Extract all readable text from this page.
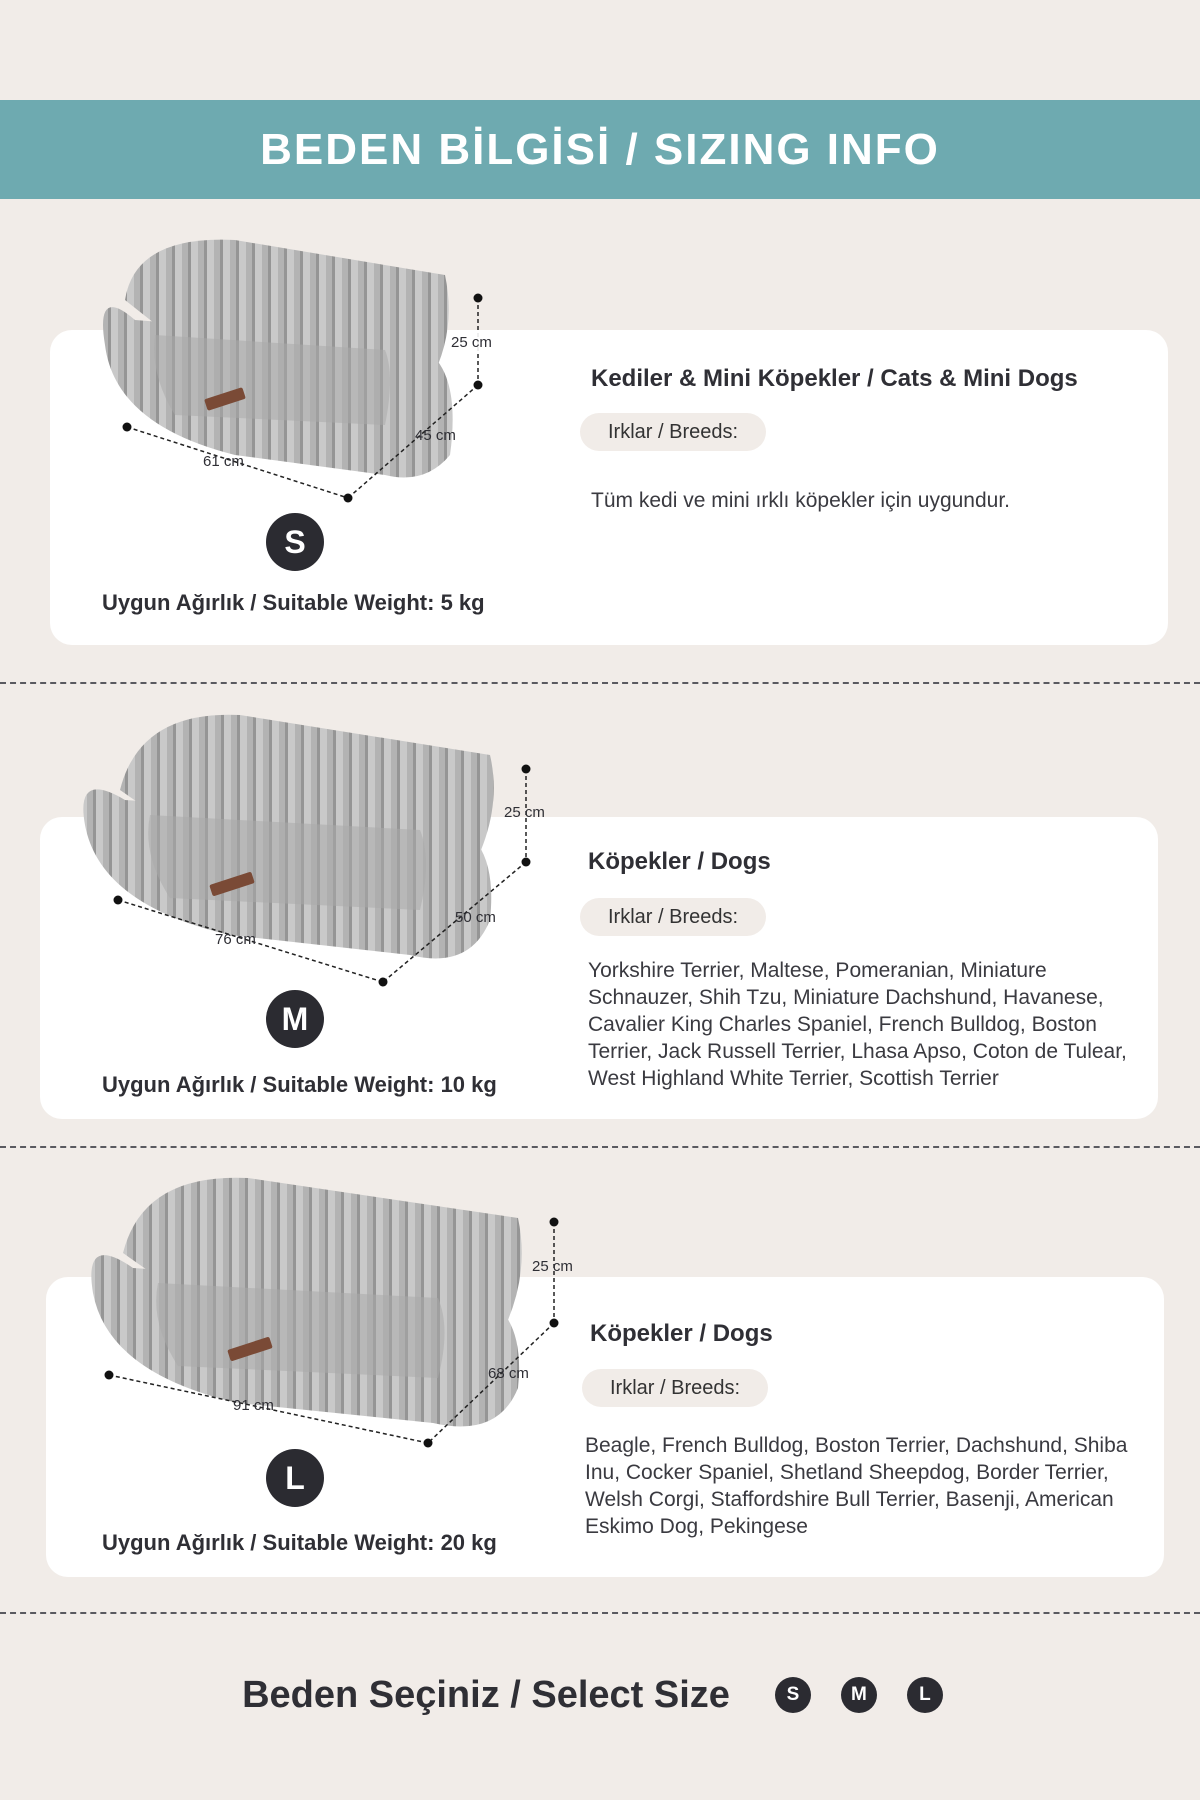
BEDEN BİLGİSİ / SIZING INFO
25 cm
45 cm
61 cm
S
Uygun Ağırlık / Suitable Weight: 5 kg
Kediler & Mini Köpekler / Cats & Mini Dogs
Irklar / Breeds:
Tüm kedi ve mini ırklı köpekler için uygundur.
25 cm
50 cm
76 cm
M
Uygun Ağırlık / Suitable Weight: 10 kg
Köpekler / Dogs
Irklar / Breeds:
Yorkshire Terrier, Maltese, Pomeranian, Miniature Schnauzer, Shih Tzu, Miniature Dachshund, Havanese, Cavalier King Charles Spaniel, French Bulldog, Boston Terrier, Jack Russell Terrier, Lhasa Apso, Coton de Tulear, West Highland White Terrier, Scottish Terrier
25 cm
68 cm
91 cm
L
Uygun Ağırlık / Suitable Weight: 20 kg
Köpekler / Dogs
Irklar / Breeds:
Beagle, French Bulldog, Boston Terrier, Dachshund, Shiba Inu, Cocker Spaniel, Shetland Sheepdog, Border Terrier, Welsh Corgi, Staffordshire Bull Terrier, Basenji, American Eskimo Dog, Pekingese
Beden Seçiniz / Select Size	S	M	L
